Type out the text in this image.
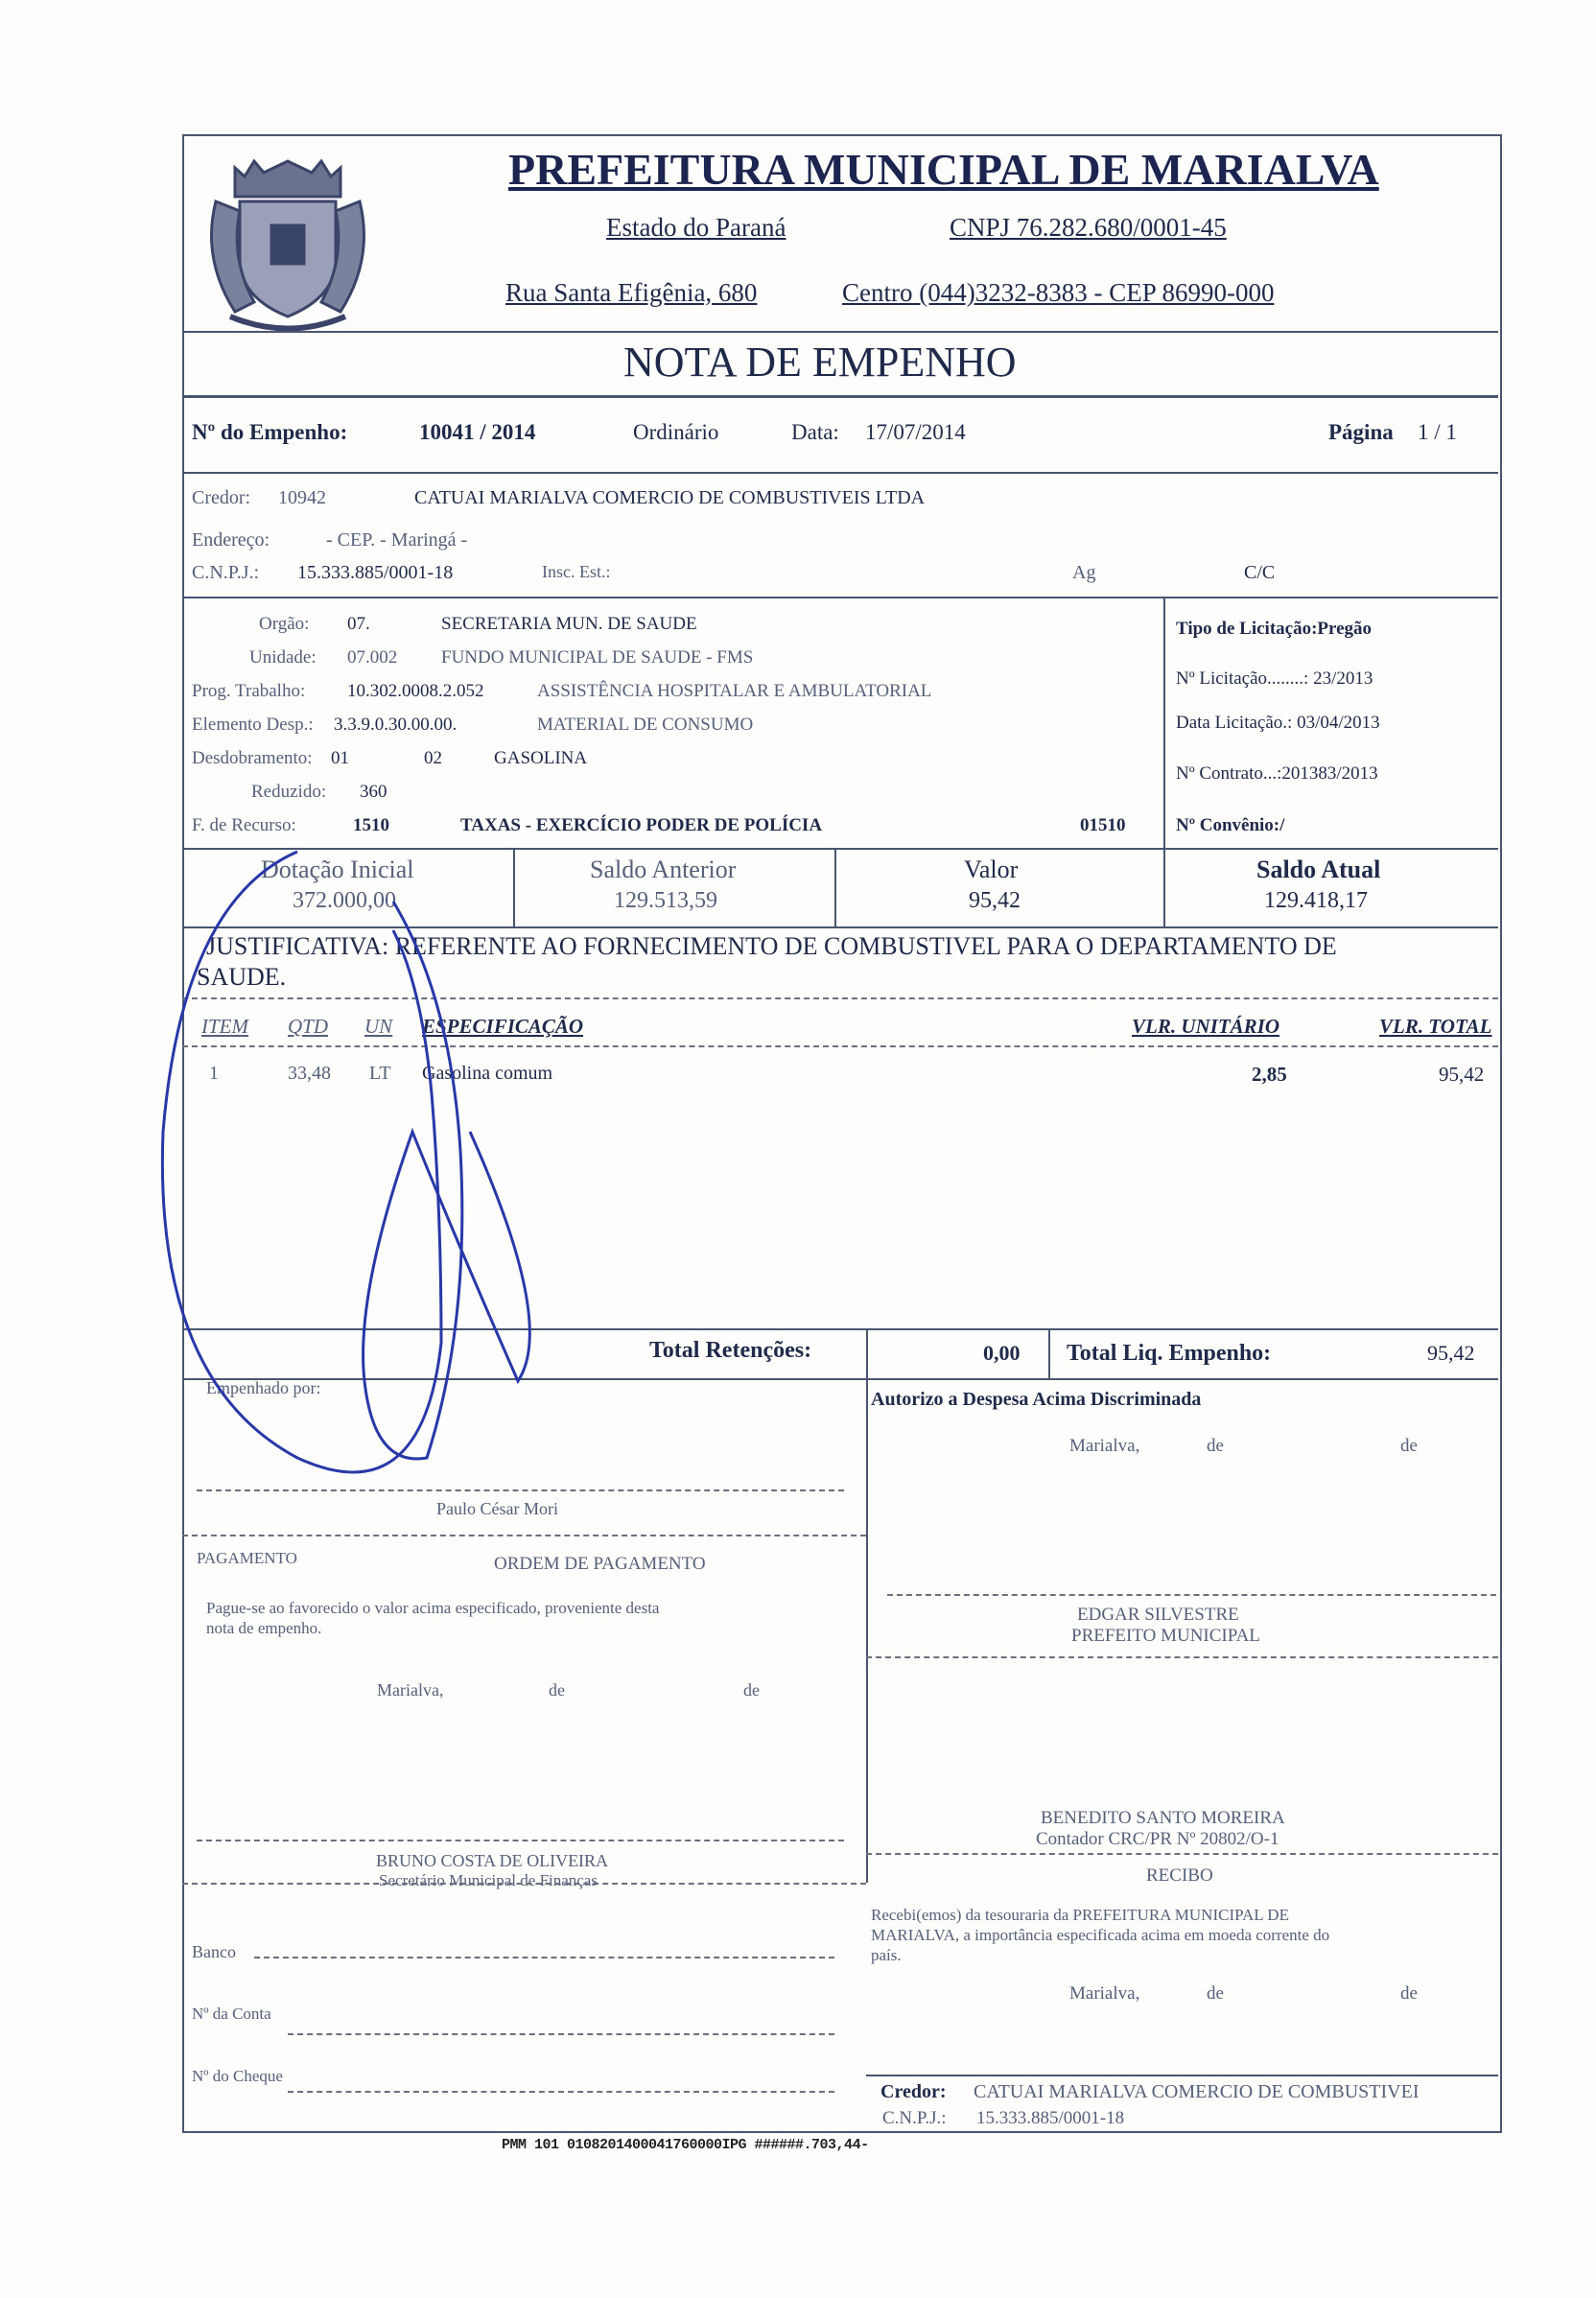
PREFEITURA MUNICIPAL DE MARIALVA
Estado do Paraná	CNPJ 76.282.680/0001-45
Rua Santa Efigênia, 680	Centro (044)3232-8383 - CEP 86990-000
NOTA DE EMPENHO
Nº do Empenho:	10041 / 2014	Ordinário	Data: 17/07/2014	Página 1 / 1
Credor: 10942	CATUAI MARIALVA COMERCIO DE COMBUSTIVEIS LTDA
Endereço:	- CEP. - Maringá -
C.N.P.J.: 15.333.885/0001-18	Insc. Est.:	Ag	C/C
Orgão: 07.	SECRETARIA MUN. DE SAUDE
Unidade: 07.002 FUNDO MUNICIPAL DE SAUDE - FMS
Prog. Trabalho: 10.302.0008.2.052	ASSISTÊNCIA HOSPITALAR E AMBULATORIAL
Elemento Desp.: 3.3.9.0.30.00.00.	MATERIAL DE CONSUMO
Desdobramento: 01	02	GASOLINA
Reduzido: 360
F. de Recurso:	1510	TAXAS - EXERCÍCIO PODER DE POLÍCIA	01510
Tipo de Licitação:Pregão
Nº Licitação........: 23/2013
Data Licitação.: 03/04/2013
Nº Contrato...:201383/2013
Nº Convênio:/
Dotação Inicial
372.000,00
Saldo Anterior
129.513,59
Valor
95,42
Saldo Atual
129.418,17
JUSTIFICATIVA: REFERENTE AO FORNECIMENTO DE COMBUSTIVEL PARA O DEPARTAMENTO DE
SAUDE.
ITEM QTD UN ESPECIFICAÇÃO	VLR. UNITÁRIO	VLR. TOTAL
1	33,48 LT Gasolina comum	2,85	95,42
Total Retenções:	0,00 Total Liq. Empenho:	95,42
Empenhado por:
Autorizo a Despesa Acima Discriminada
Marialva,	de	de
Paulo César Mori
PAGAMENTO	ORDEM DE PAGAMENTO
Pague-se ao favorecido o valor acima especificado, proveniente desta
nota de empenho.
Marialva,	de	de
EDGAR SILVESTRE
PREFEITO MUNICIPAL
BENEDITO SANTO MOREIRA
Contador CRC/PR Nº 20802/O-1
RECIBO
Recebi(emos) da tesouraria da PREFEITURA MUNICIPAL DE
MARIALVA, a importância especificada acima em moeda corrente do
país.
Marialva,	de	de
BRUNO COSTA DE OLIVEIRA
Secretário Municipal de Finanças
Banco
Nº da Conta
Nº do Cheque
Credor: CATUAI MARIALVA COMERCIO DE COMBUSTIVEI
C.N.P.J.: 15.333.885/0001-18
PMM 101 0108201400041760000IPG ######.703,44-
